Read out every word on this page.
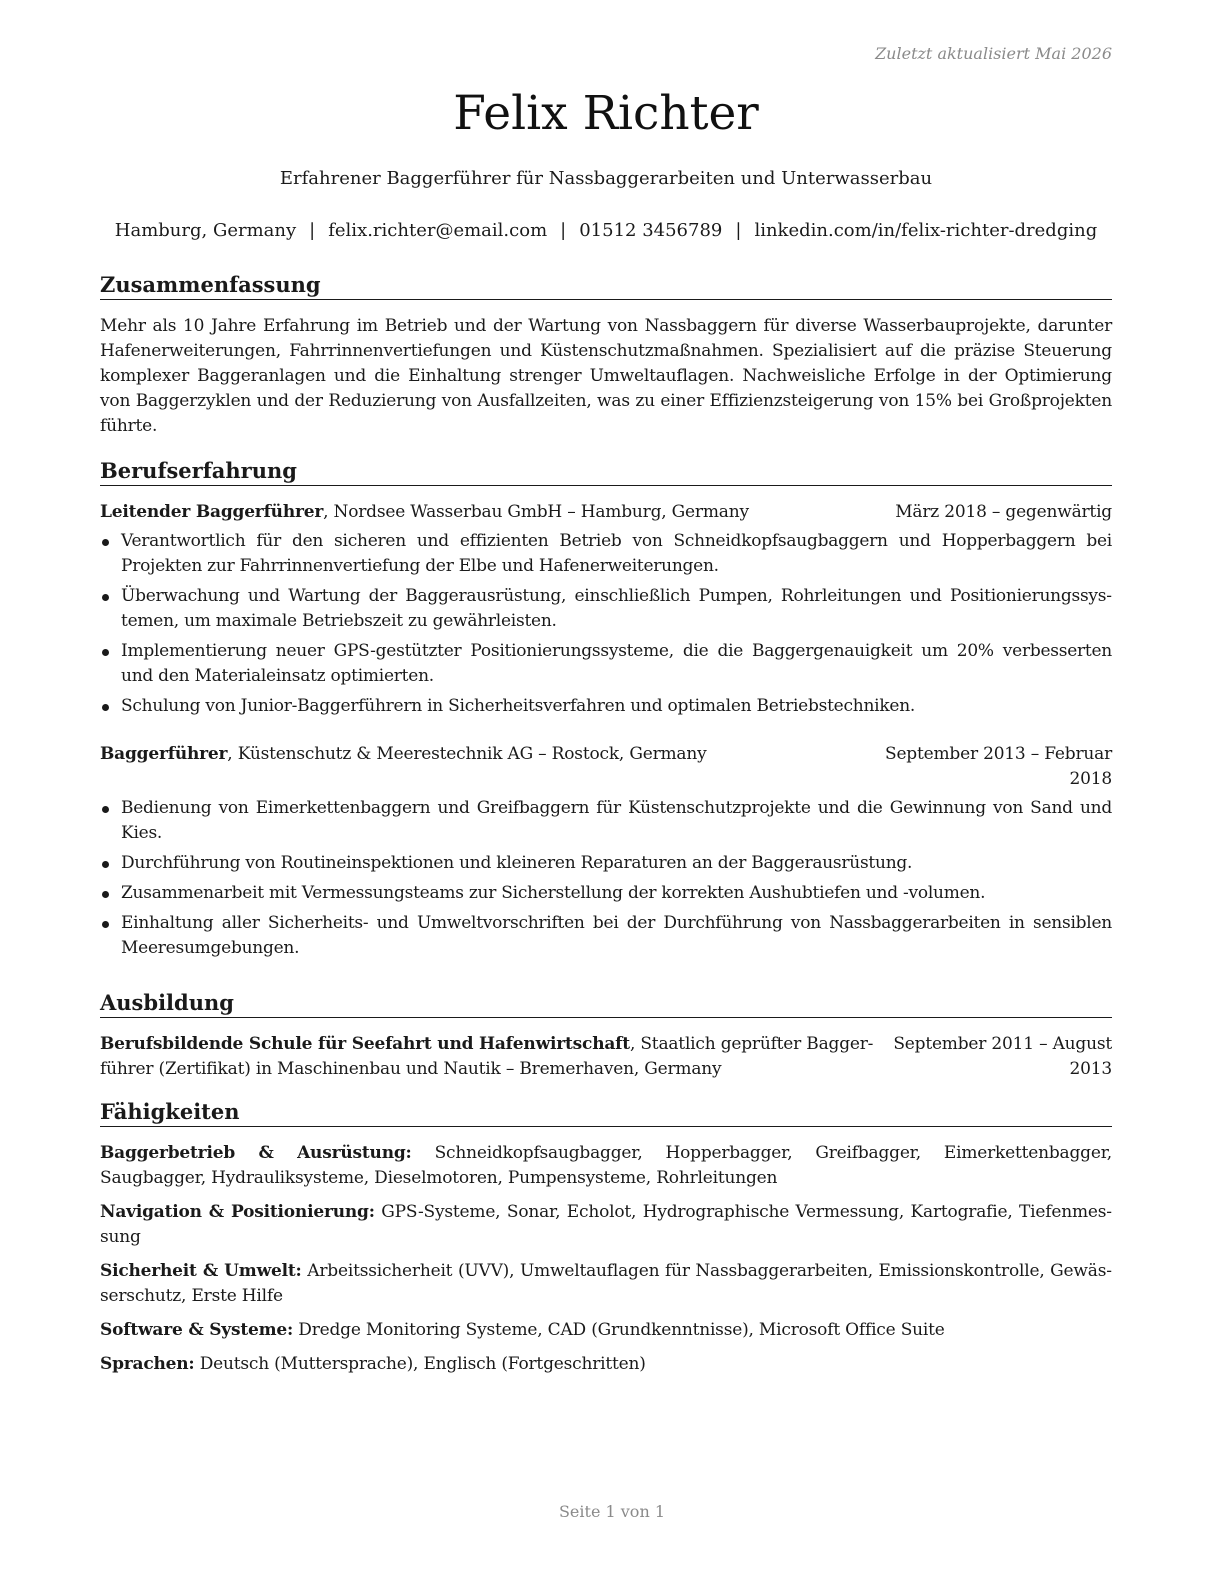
Zuletzt aktualisiert Mai 2026
Felix Richter
Erfahrener Baggerführer für Nassbaggerarbeiten und Unterwasserbau
Hamburg, Germany | felix.richter@email.com | 01512 3456789 | linkedin.com/in/felix-richter-dredging
Zusammenfassung
Mehr als 10 Jahre Erfahrung im Betrieb und der Wartung von Nassbaggern für diverse Wasserbauprojekte, darunter Hafenerweiterungen, Fahrrinnenvertiefungen und Küstenschutzmaßnahmen. Spezialisiert auf die präzise Steuerung komplexer Baggeranlagen und die Einhaltung strenger Umweltauflagen. Nachweisliche Erfolge in der Optimierung von Baggerzyklen und der Reduzierung von Ausfallzeiten, was zu einer Effizienzsteigerung von 15% bei Großprojekten führte.
Berufserfahrung
Leitender Baggerführer, Nordsee Wasserbau GmbH – Hamburg, Germany	März 2018 – gegenwärtig
Verantwortlich für den sicheren und effizienten Betrieb von Schneidkopfsaugbaggern und Hopperbaggern bei Projekten zur Fahrrinnenvertiefung der Elbe und Hafenerweiterungen.
Überwachung und Wartung der Baggerausrüstung, einschließlich Pumpen, Rohrleitungen und Positionierungssystemen, um maximale Betriebszeit zu gewährleisten.
Implementierung neuer GPS-gestützter Positionierungssysteme, die die Baggergenauigkeit um 20% verbesserten und den Materialeinsatz optimierten.
Schulung von Junior-Baggerführern in Sicherheitsverfahren und optimalen Betriebstechniken.
Baggerführer, Küstenschutz & Meerestechnik AG – Rostock, Germany	September 2013 – Februar
2018
Bedienung von Eimerkettenbaggern und Greifbaggern für Küstenschutzprojekte und die Gewinnung von Sand und Kies.
Durchführung von Routineinspektionen und kleineren Reparaturen an der Baggerausrüstung.
Zusammenarbeit mit Vermessungsteams zur Sicherstellung der korrekten Aushubtiefen und -volumen.
Einhaltung aller Sicherheits- und Umweltvorschriften bei der Durchführung von Nassbaggerarbeiten in sensiblen Meeresumgebungen.
Ausbildung
Berufsbildende Schule für Seefahrt und Hafenwirtschaft, Staatlich geprüfter Bagger-
führer (Zertifikat) in Maschinenbau und Nautik – Bremerhaven, Germany
September 2011 – August
2013
Fähigkeiten
Baggerbetrieb & Ausrüstung: Schneidkopfsaugbagger, Hopperbagger, Greifbagger, Eimerkettenbagger, Saugbagger, Hydrauliksysteme, Dieselmotoren, Pumpensysteme, Rohrleitungen
Navigation & Positionierung: GPS-Systeme, Sonar, Echolot, Hydrographische Vermessung, Kartografie, Tiefenmessung
Sicherheit & Umwelt: Arbeitssicherheit (UVV), Umweltauflagen für Nassbaggerarbeiten, Emissionskontrolle, Gewässerschutz, Erste Hilfe
Software & Systeme: Dredge Monitoring Systeme, CAD (Grundkenntnisse), Microsoft Office Suite
Sprachen: Deutsch (Muttersprache), Englisch (Fortgeschritten)
Seite 1 von 1
